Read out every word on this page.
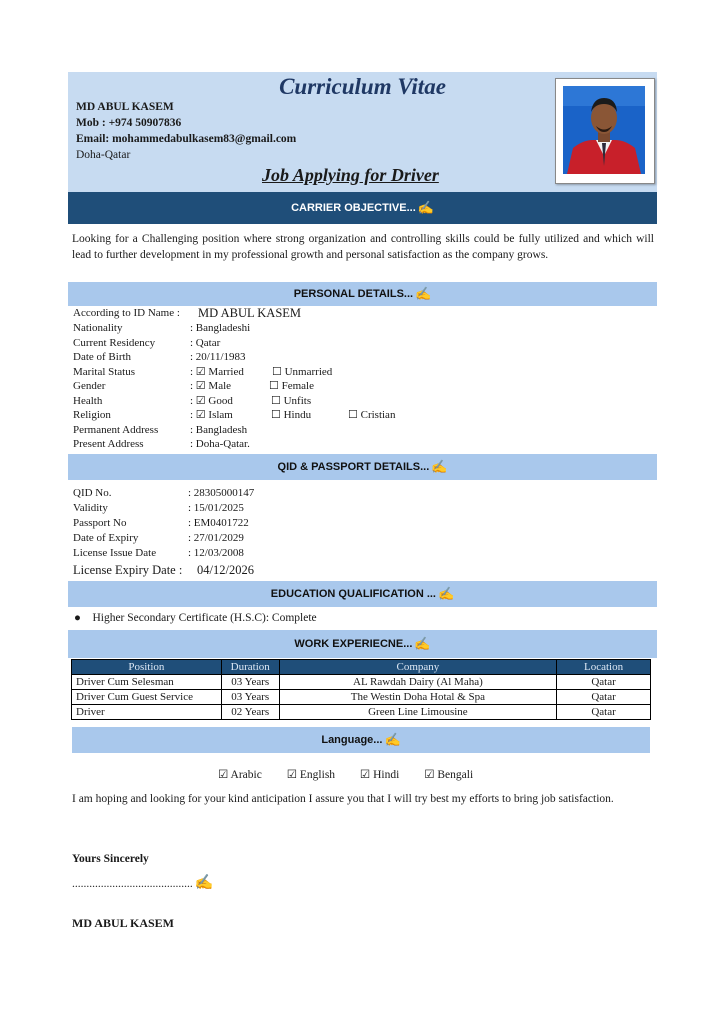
Curriculum Vitae
MD ABUL KASEM
Mob : +974 50907836
Email: mohammedabulkasem83@gmail.com
Doha-Qatar
Job Applying for Driver
CARRIER OBJECTIVE... ✍
Looking for a Challenging position where strong organization and controlling skills could be fully utilized and which will lead to further development in my professional growth and personal satisfaction as the company grows.
PERSONAL DETAILS... ✍
According to ID Name : MD ABUL KASEM
Nationality	: Bangladeshi
Current Residency	: Qatar
Date of Birth	: 20/11/1983
Marital Status	: ☑ Married	☐ Unmarried
Gender	: ☑ Male	☐ Female
Health	: ☑ Good	☐ Unfits
Religion	: ☑ Islam	☐ Hindu	☐ Cristian
Permanent Address	: Bangladesh
Present Address	: Doha-Qatar.
QID & PASSPORT DETAILS... ✍
QID No.	: 28305000147
Validity	: 15/01/2025
Passport No	: EM0401722
Date of Expiry	: 27/01/2029
License Issue Date	: 12/03/2008
License Expiry Date : 04/12/2026
EDUCATION QUALIFICATION ... ✍
●    Higher Secondary Certificate (H.S.C): Complete
WORK EXPERIECNE... ✍
Position	Duration	Company	Location
Driver Cum Selesman	03 Years	AL Rawdah Dairy (Al Maha)	Qatar
Driver Cum Guest Service	03 Years	The Westin Doha Hotal & Spa	Qatar
Driver	02 Years	Green Line Limousine	Qatar
Language... ✍
☑ Arabic ☑ English ☑ Hindi ☑ Bengali
I am hoping and looking for your kind anticipation I assure you that I will try best my efforts to bring job satisfaction.
Yours Sincerely
.......................................... ✍
MD ABUL KASEM
